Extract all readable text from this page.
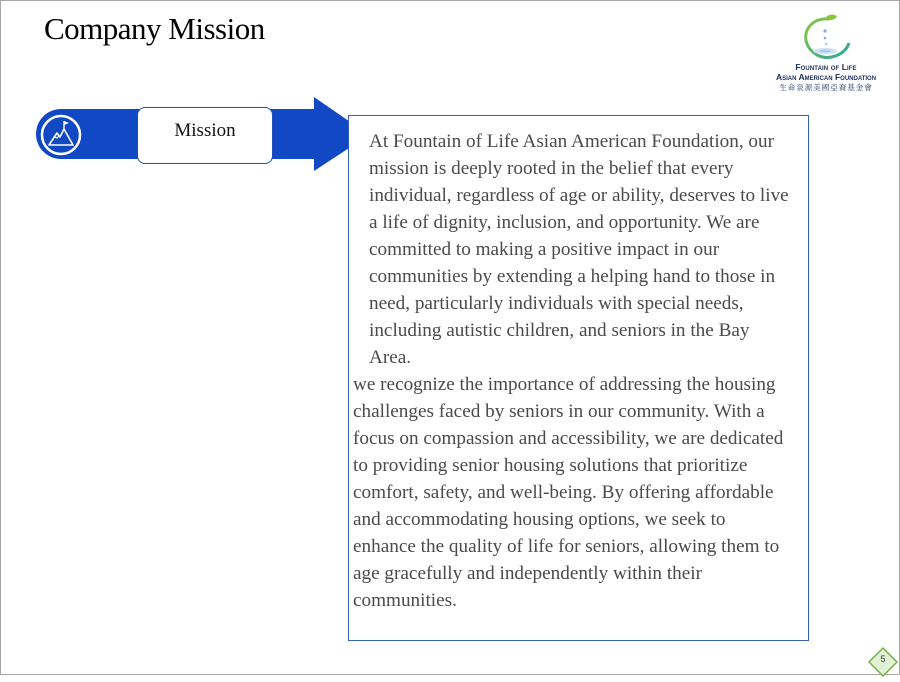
Company Mission
Fountain of Life
Asian American Foundation
生命泉源美國亞裔基金會
Mission

At Fountain of Life Asian American Foundation, our mission is deeply rooted in the belief that every individual, regardless of age or ability, deserves to live a life of dignity, inclusion, and opportunity. We are committed to making a positive impact in our communities by extending a helping hand to those in need, particularly individuals with special needs, including autistic children, and seniors in the Bay Area.

we recognize the importance of addressing the housing challenges faced by seniors in our community. With a focus on compassion and accessibility, we are dedicated to providing senior housing solutions that prioritize comfort, safety, and well-being. By offering affordable and accommodating housing options, we seek to enhance the quality of life for seniors, allowing them to age gracefully and independently within their communities.

5
